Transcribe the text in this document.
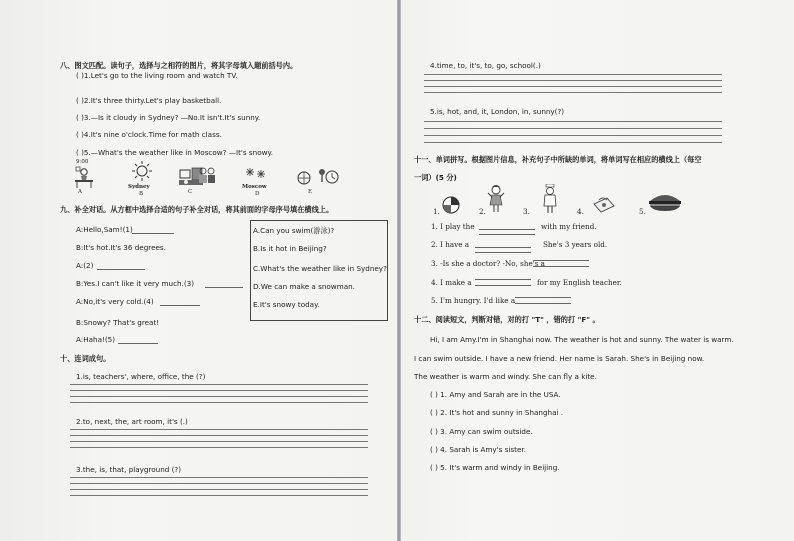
八、图文匹配。读句子，选择与之相符的图片，将其字母填入题前括号内。
( )1.Let's go to the living room and watch TV.
( )2.It's three thirty.Let's play basketball.
( )3.—Is it cloudy in Sydney? —No.It isn't.It's sunny.
( )4.It's nine o'clock.Time for math class.
( )5.—What's the weather like in Moscow? —It's snowy.
9:00
A
Sydney
B	C
Moscow
D	E
九、补全对话。从方框中选择合适的句子补全对话，将其前面的字母序号填在横线上。
A:Hello,Sam!(1)
B:It's hot.It's 36 degrees.
A:(2)
B:Yes.I can't like it very much.(3)
A:No,it's very cold.(4)
B:Snowy? That's great!
A:Haha!(5)
A.Can you swim(游泳)?
B.Is it hot in Beijing?
C.What's the weather like in Sydney?
D.We can make a snowman.
E.It's snowy today.
十、连词成句。
1.is, teachers', where, office, the (?)
2.to, next, the, art room, it's (.)
3.the, is, that, playground (?)
4.time, to, it's, to, go, school(.)
5.is, hot, and, it, London, in, sunny(?)
十一、单词拼写。根据图片信息，补充句子中所缺的单词，将单词写在相应的横线上（每空
一词）(5 分)
1.	2.	3.	4.	5.
1. I play the	with my friend.
2. I have a	She's 3 years old.
3. -Is she a doctor? -No, she's a
4. I make a	for my English teacher.
5. I'm hungry. I'd like a
十二、阅读短文，判断对错，对的打 "T" ，错的打 "F" 。
Hi, I am Amy.I'm in Shanghai now. The weather is hot and sunny. The water is warm.
I can swim outside. I have a new friend. Her name is Sarah. She's in Beijing now.
The weather is warm and windy. She can fly a kite.
( ) 1. Amy and Sarah are in the USA.
( ) 2. It's hot and sunny in Shanghai .
( ) 3. Amy can swim outside.
( ) 4. Sarah is Amy's sister.
( ) 5. It's warm and windy in Beijing.
